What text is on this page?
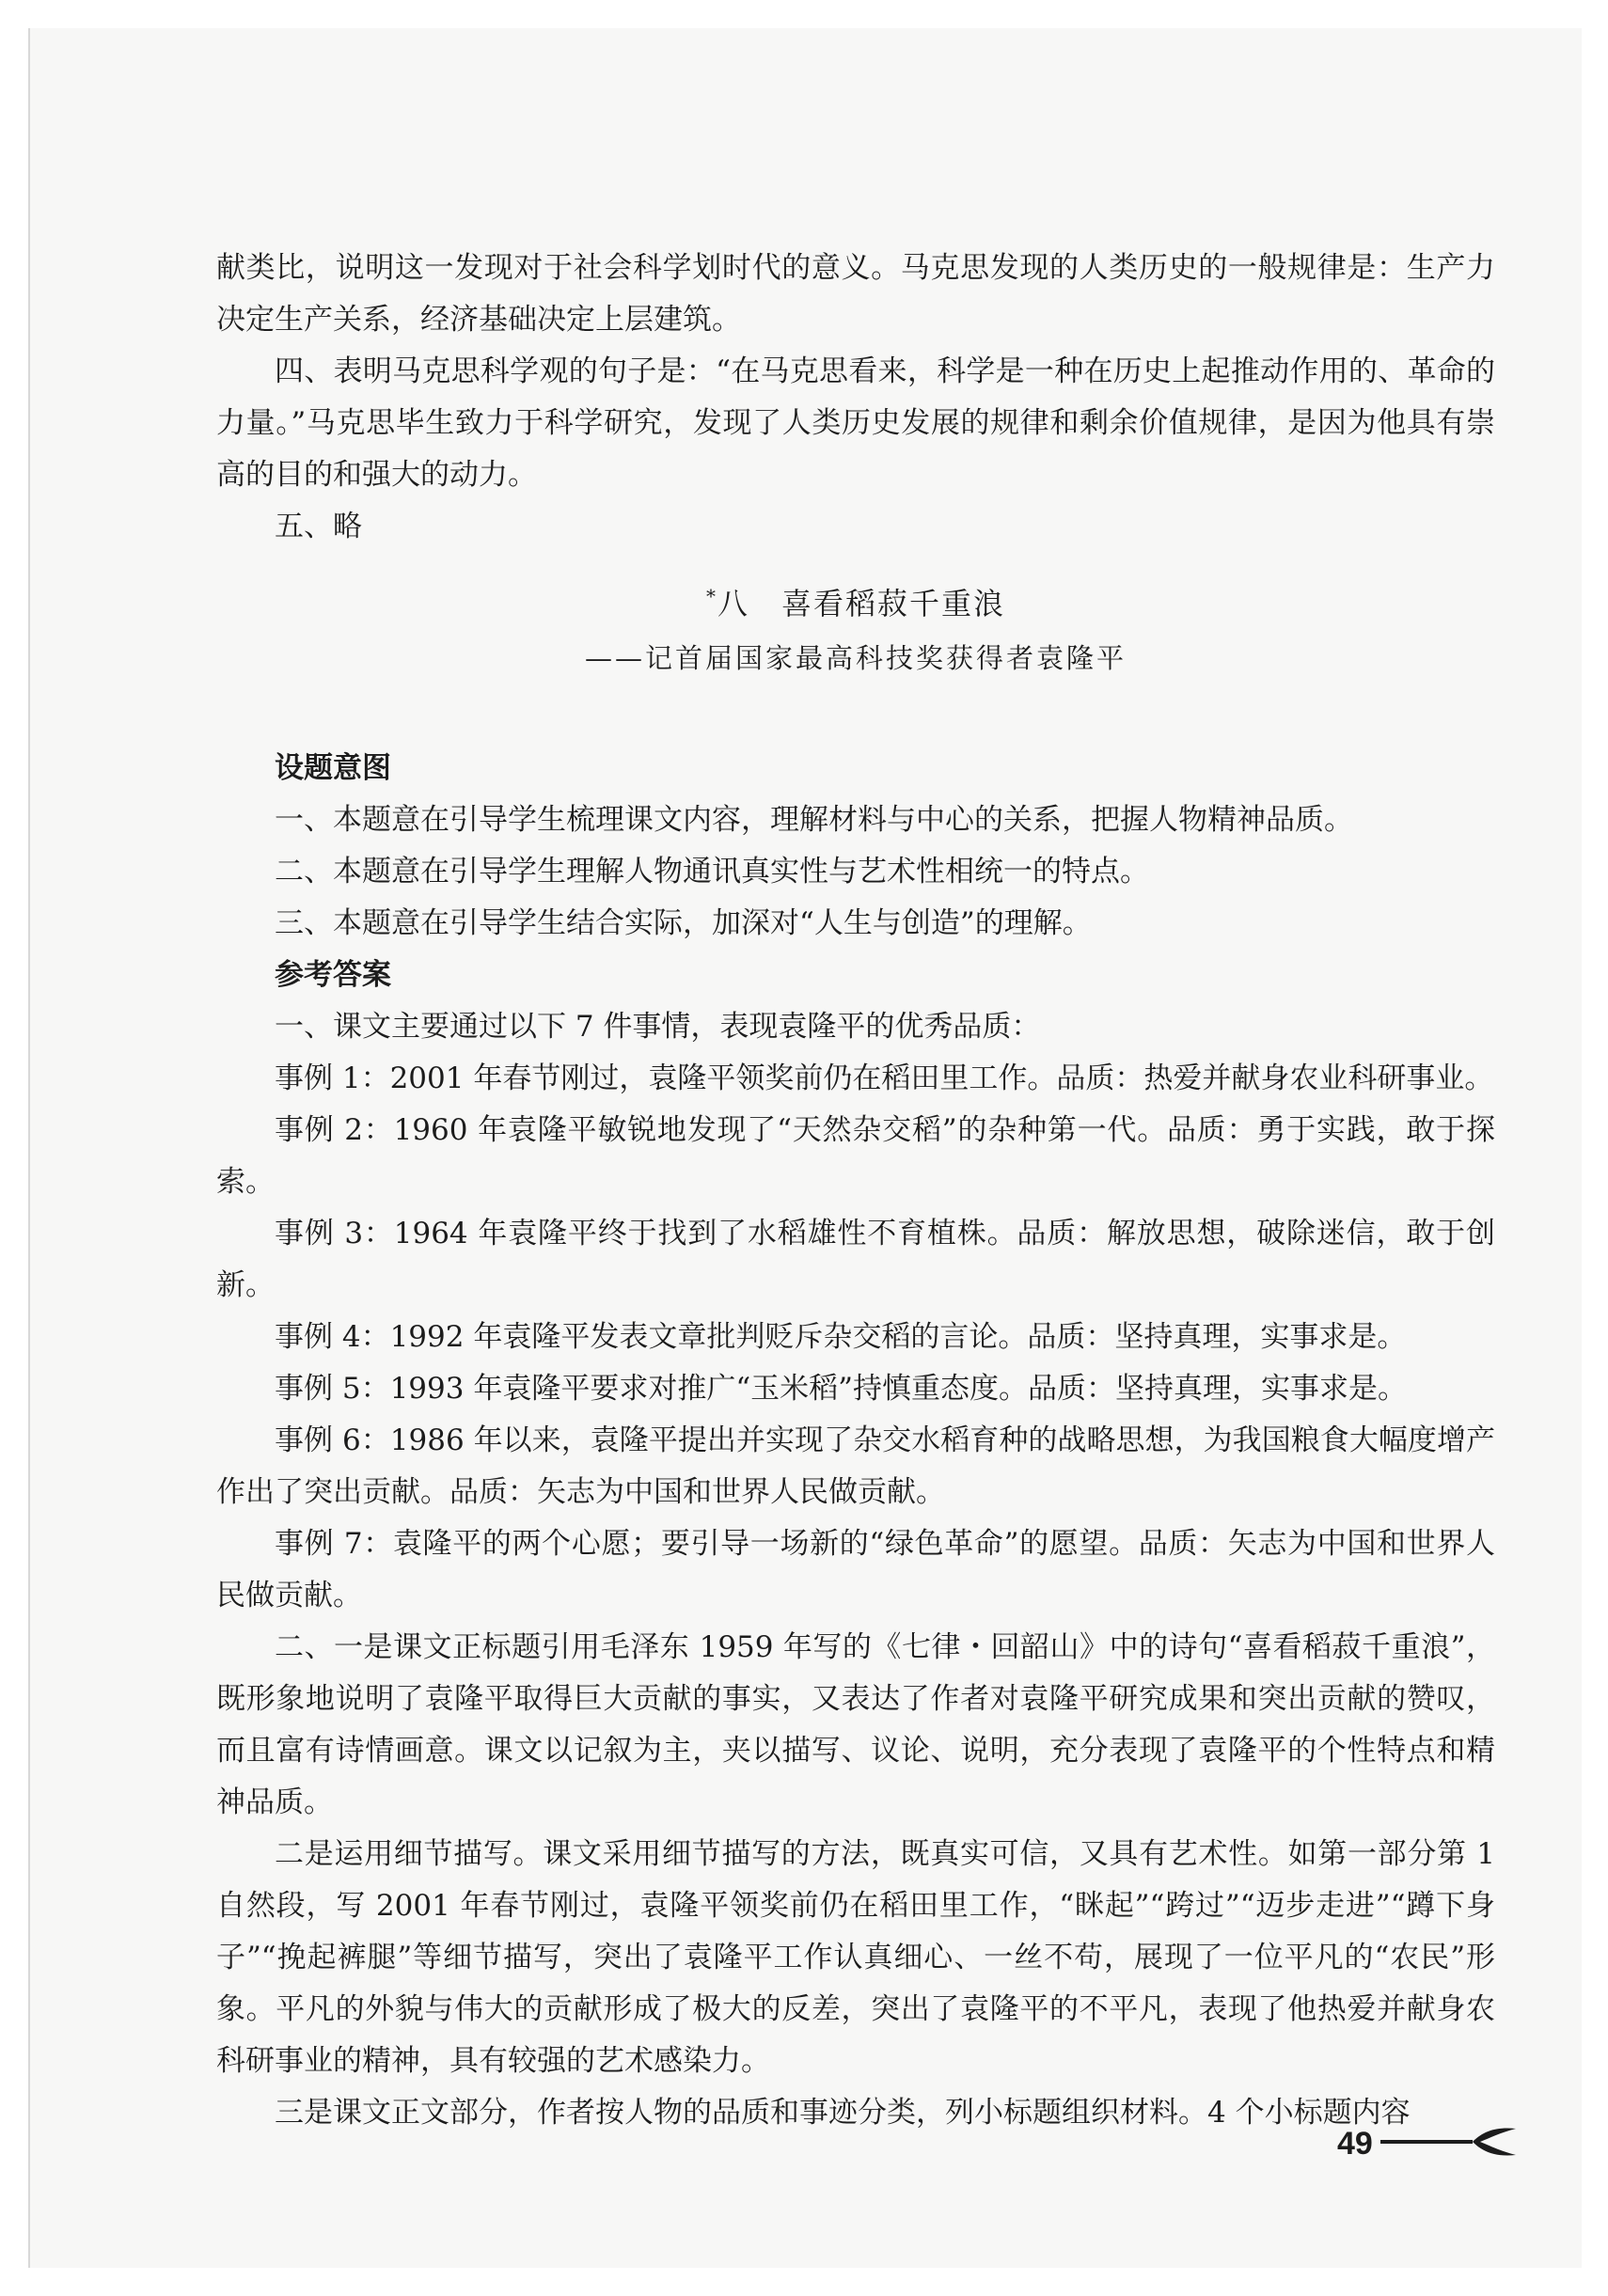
献类比，说明这一发现对于社会科学划时代的意义。马克思发现的人类历史的一般规律是：生产力决定生产关系，经济基础决定上层建筑。

四、表明马克思科学观的句子是：“在马克思看来，科学是一种在历史上起推动作用的、革命的力量。”马克思毕生致力于科学研究，发现了人类历史发展的规律和剩余价值规律，是因为他具有崇高的目的和强大的动力。

五、略

*八　喜看稻菽千重浪
——记首届国家最高科技奖获得者袁隆平

设题意图

一、本题意在引导学生梳理课文内容，理解材料与中心的关系，把握人物精神品质。

二、本题意在引导学生理解人物通讯真实性与艺术性相统一的特点。

三、本题意在引导学生结合实际，加深对“人生与创造”的理解。

参考答案

一、课文主要通过以下 7 件事情，表现袁隆平的优秀品质：

事例 1：2001 年春节刚过，袁隆平领奖前仍在稻田里工作。品质：热爱并献身农业科研事业。

事例 2：1960 年袁隆平敏锐地发现了“天然杂交稻”的杂种第一代。品质：勇于实践，敢于探索。

事例 3：1964 年袁隆平终于找到了水稻雄性不育植株。品质：解放思想，破除迷信，敢于创新。

事例 4：1992 年袁隆平发表文章批判贬斥杂交稻的言论。品质：坚持真理，实事求是。

事例 5：1993 年袁隆平要求对推广“玉米稻”持慎重态度。品质：坚持真理，实事求是。

事例 6：1986 年以来，袁隆平提出并实现了杂交水稻育种的战略思想，为我国粮食大幅度增产作出了突出贡献。品质：矢志为中国和世界人民做贡献。

事例 7：袁隆平的两个心愿；要引导一场新的“绿色革命”的愿望。品质：矢志为中国和世界人民做贡献。

二、一是课文正标题引用毛泽东 1959 年写的《七律・回韶山》中的诗句“喜看稻菽千重浪”，既形象地说明了袁隆平取得巨大贡献的事实，又表达了作者对袁隆平研究成果和突出贡献的赞叹，而且富有诗情画意。课文以记叙为主，夹以描写、议论、说明，充分表现了袁隆平的个性特点和精神品质。

二是运用细节描写。课文采用细节描写的方法，既真实可信，又具有艺术性。如第一部分第 1 自然段，写 2001 年春节刚过，袁隆平领奖前仍在稻田里工作，“眯起”“跨过”“迈步走进”“蹲下身子”“挽起裤腿”等细节描写，突出了袁隆平工作认真细心、一丝不苟，展现了一位平凡的“农民”形象。平凡的外貌与伟大的贡献形成了极大的反差，突出了袁隆平的不平凡，表现了他热爱并献身农科研事业的精神，具有较强的艺术感染力。

三是课文正文部分，作者按人物的品质和事迹分类，列小标题组织材料。4 个小标题内容

49
